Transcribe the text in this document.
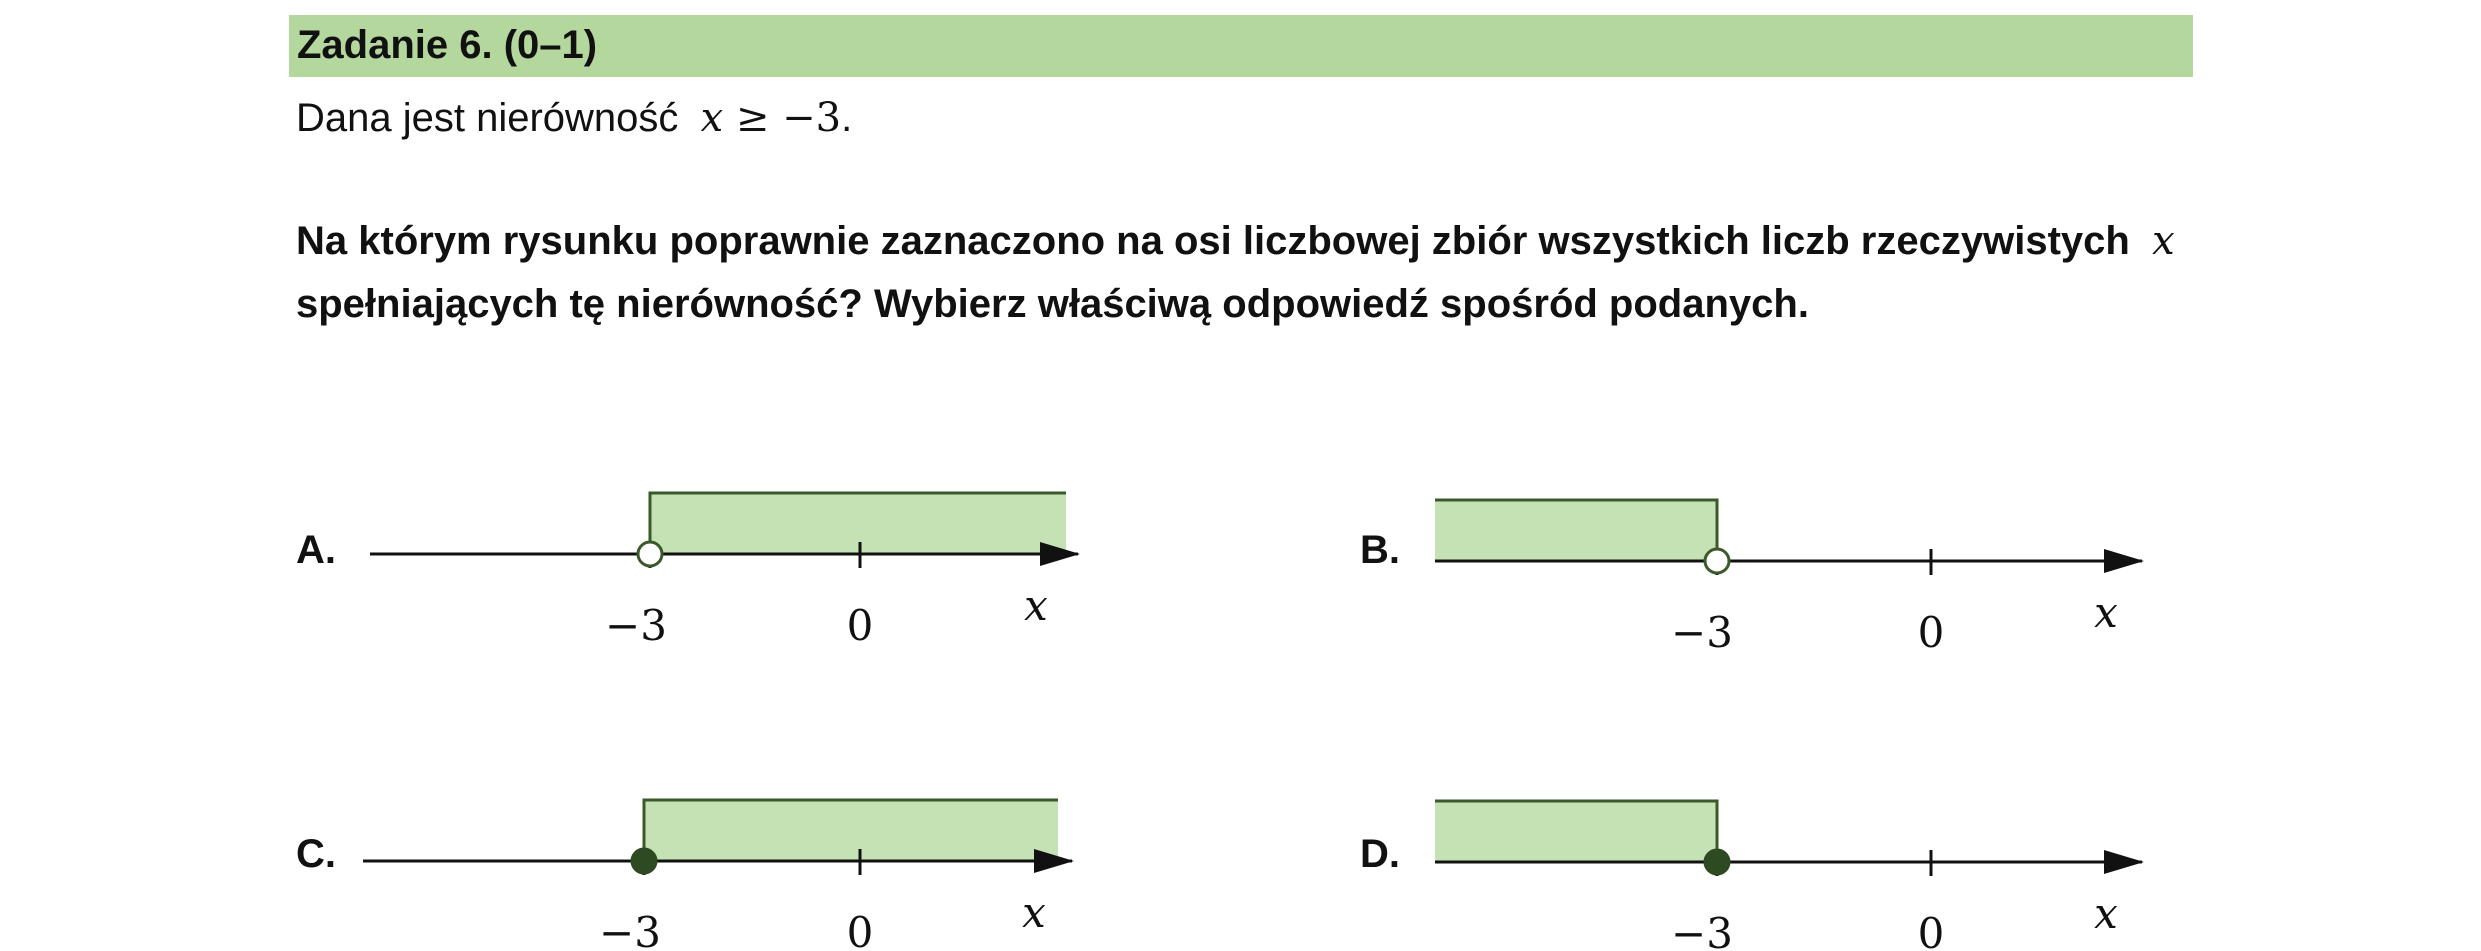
Zadanie 6. (0–1)
Dana jest nierówność x ≥ −3.
Na którym rysunku poprawnie zaznaczono na osi liczbowej zbiór wszystkich liczb rzeczywistych  x  spełniających tę nierówność? Wybierz właściwą odpowiedź spośród podanych.
A.	B.
C.	D.
−3	0	x
−3	0	x
−3	0	x	−3	0	x
